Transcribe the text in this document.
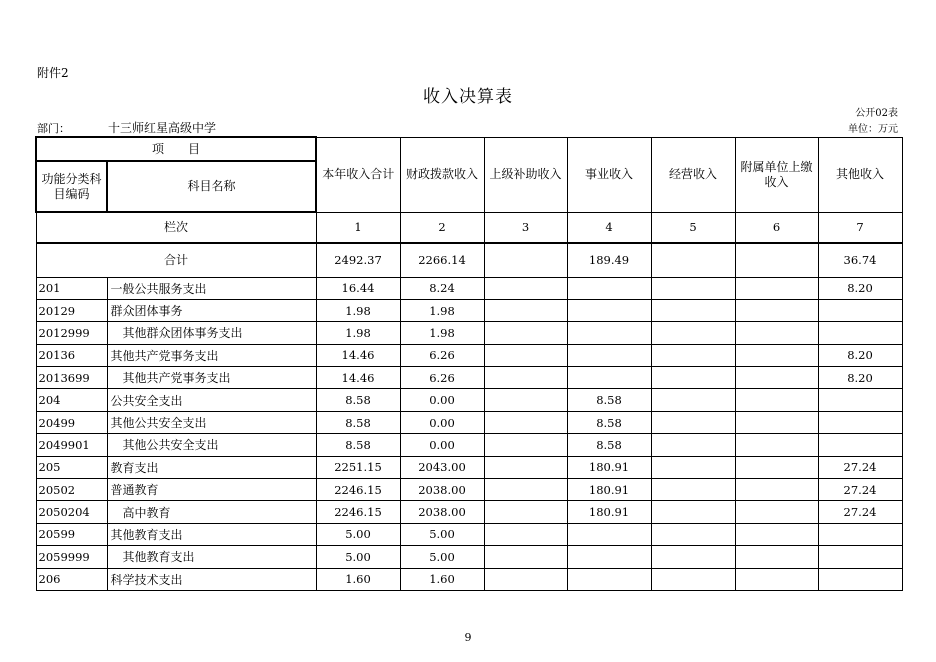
附件2
收入决算表
公开02表
部门：	十三师红星高级中学	单位：万元
项　　目		本年收入合计	财政拨款收入	上级补助收入	事业收入	经营收入	附属单位上缴收入	其他收入
功能分类科目编码	科目名称							
栏次		1	2	3	4	5	6	7
合计		2492.37	2266.14		189.49			36.74
201	一般公共服务支出	16.44	8.24					8.20
20129	群众团体事务	1.98	1.98					
2012999	其他群众团体事务支出	1.98	1.98					
20136	其他共产党事务支出	14.46	6.26					8.20
2013699	其他共产党事务支出	14.46	6.26					8.20
204	公共安全支出	8.58	0.00		8.58			
20499	其他公共安全支出	8.58	0.00		8.58			
2049901	其他公共安全支出	8.58	0.00		8.58			
205	教育支出	2251.15	2043.00		180.91			27.24
20502	普通教育	2246.15	2038.00		180.91			27.24
2050204	高中教育	2246.15	2038.00		180.91			27.24
20599	其他教育支出	5.00	5.00					
2059999	其他教育支出	5.00	5.00					
206	科学技术支出	1.60	1.60					
9
